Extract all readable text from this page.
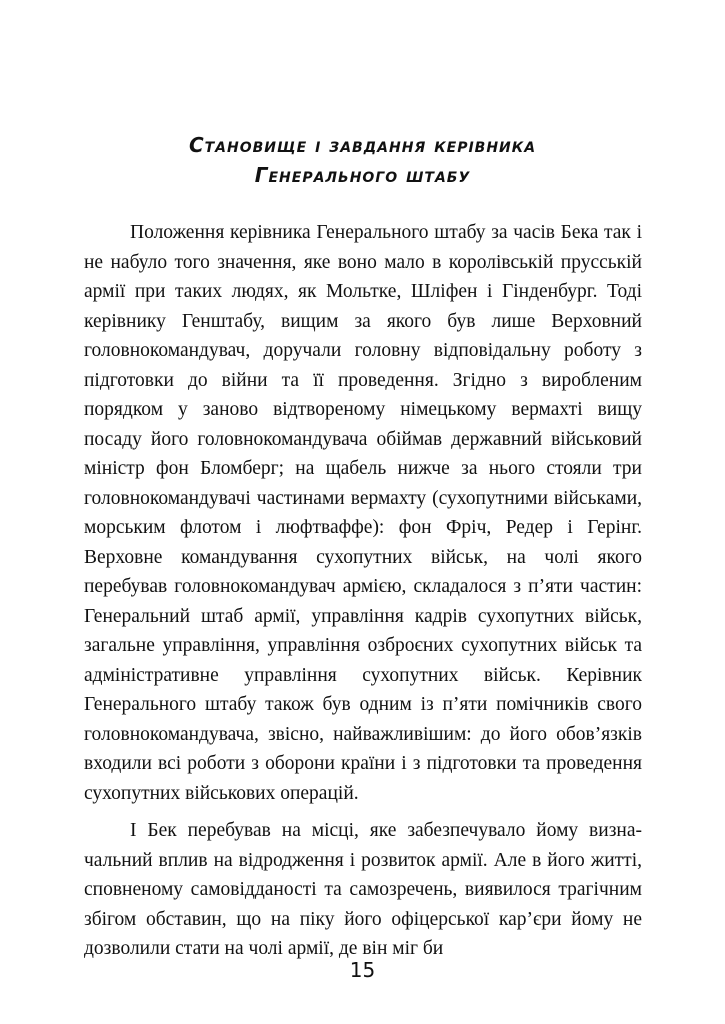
Становище і завдання керівника
Генерального штабу

Положення керівника Генерального штабу за часів Бека так і не набуло того значення, яке воно мало в королівській прусській армії при таких людях, як Мольтке, Шліфен і Гінденбург. Тоді керівнику Генштабу, вищим за якого був лише Верховний головнокомандувач, доручали головну відповідальну роботу з підготовки до війни та її проведення. Згідно з виробленим порядком у заново відтвореному німецькому вермахті вищу посаду його головнокомандувача обіймав державний військовий міністр фон Бломберг; на щабель нижче за нього стояли три головнокомандувачі частинами вермахту (сухопутними військами, морським флотом і люфтваффе): фон Фріч, Редер і Герінг. Верховне командування сухопутних військ, на чолі якого перебував головнокомандувач армією, складалося з п’яти частин: Генеральний штаб армії, управління кадрів сухопутних військ, загальне управління, управління озброєних сухопутних військ та адміністративне управління сухопутних військ. Керівник Генерального штабу також був одним із п’яти помічників свого головнокомандувача, звісно, найважливішим: до його обов’язків входили всі роботи з оборони країни і з підготовки та проведення сухопутних військових операцій.

І Бек перебував на місці, яке забезпечувало йому визначальний вплив на відродження і розвиток армії. Але в його житті, сповненому самовідданості та самозречень, виявилося трагічним збігом обставин, що на піку його офіцерської кар’єри йому не дозволили стати на чолі армії, де він міг би

15
